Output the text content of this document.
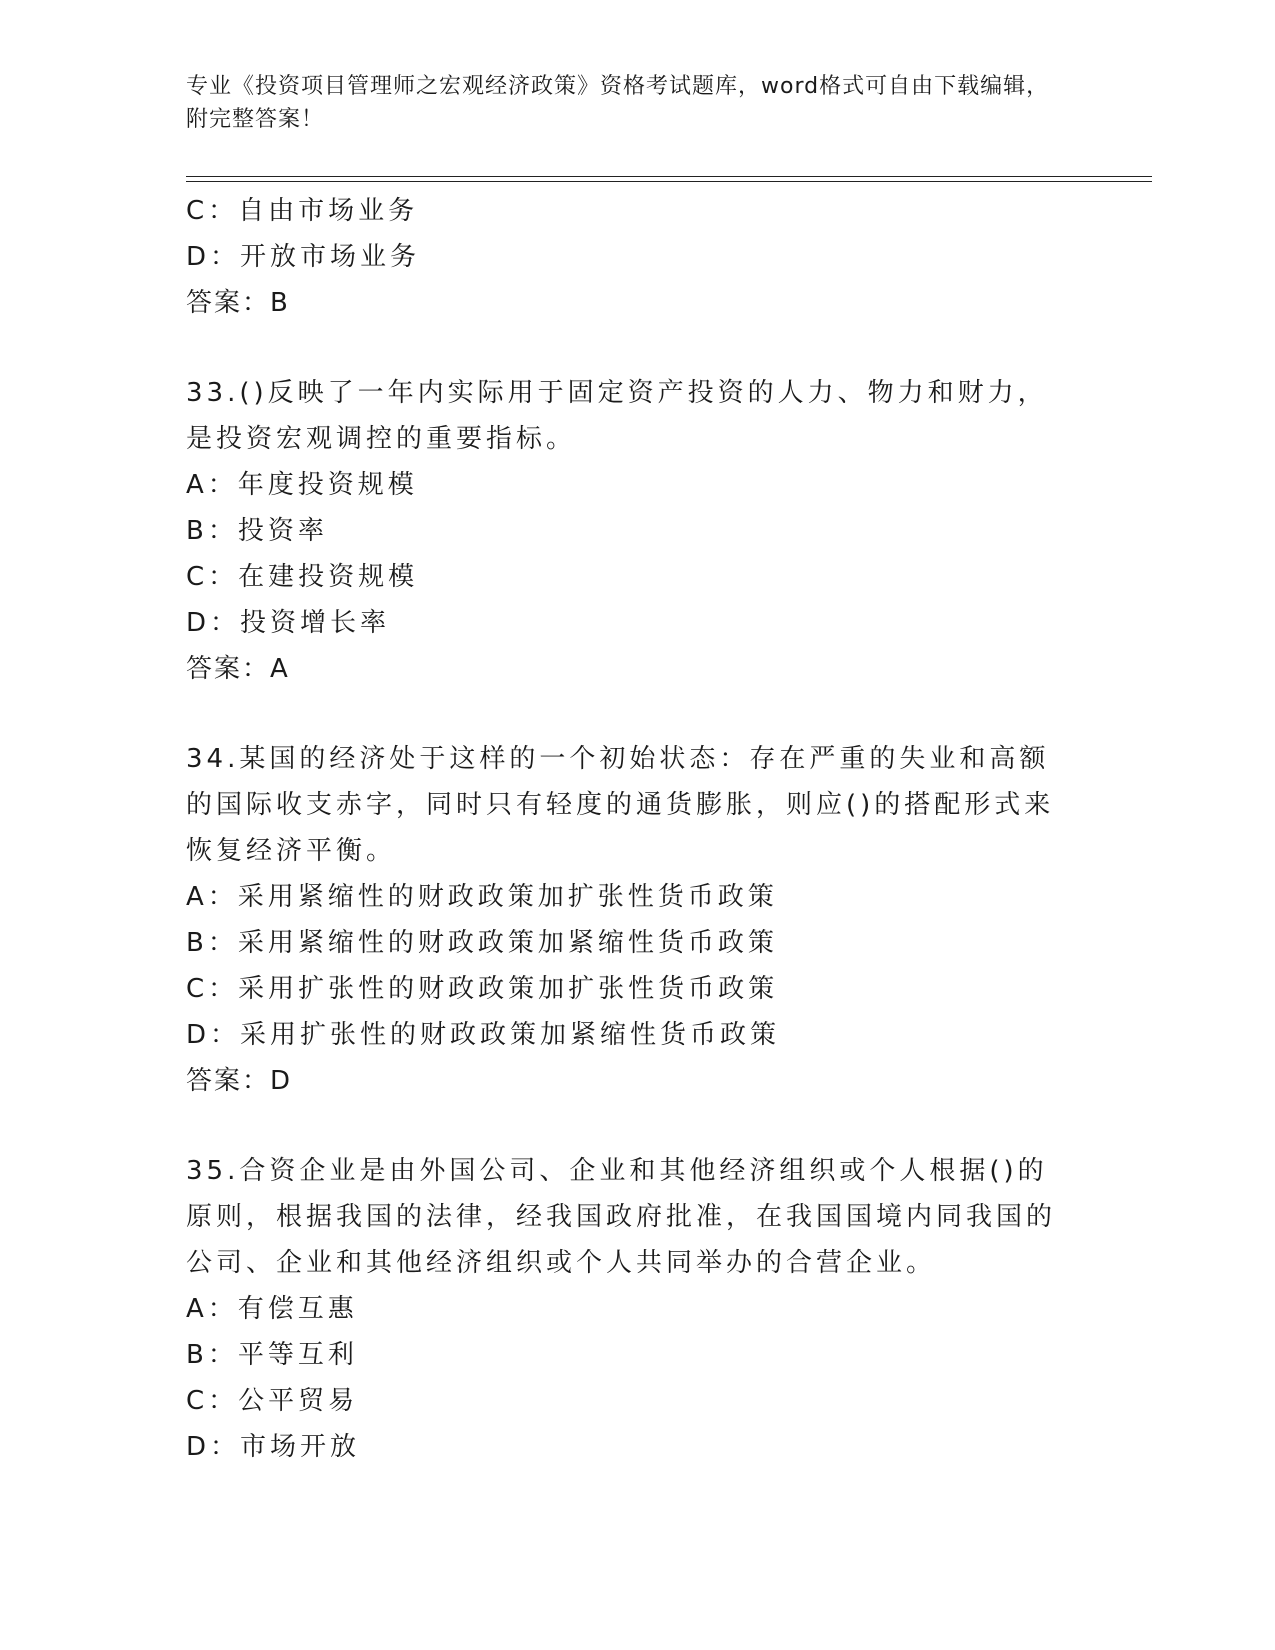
专业《投资项目管理师之宏观经济政策》资格考试题库，word格式可自由下载编辑，附完整答案！
C：自由市场业务
D：开放市场业务
答案：B
33.()反映了一年内实际用于固定资产投资的人力、物力和财力，是投资宏观调控的重要指标。
A：年度投资规模
B：投资率
C：在建投资规模
D：投资增长率
答案：A
34.某国的经济处于这样的一个初始状态：存在严重的失业和高额的国际收支赤字，同时只有轻度的通货膨胀，则应()的搭配形式来恢复经济平衡。
A：采用紧缩性的财政政策加扩张性货币政策
B：采用紧缩性的财政政策加紧缩性货币政策
C：采用扩张性的财政政策加扩张性货币政策
D：采用扩张性的财政政策加紧缩性货币政策
答案：D
35.合资企业是由外国公司、企业和其他经济组织或个人根据()的原则，根据我国的法律，经我国政府批准，在我国国境内同我国的公司、企业和其他经济组织或个人共同举办的合营企业。
A：有偿互惠
B：平等互利
C：公平贸易
D：市场开放
